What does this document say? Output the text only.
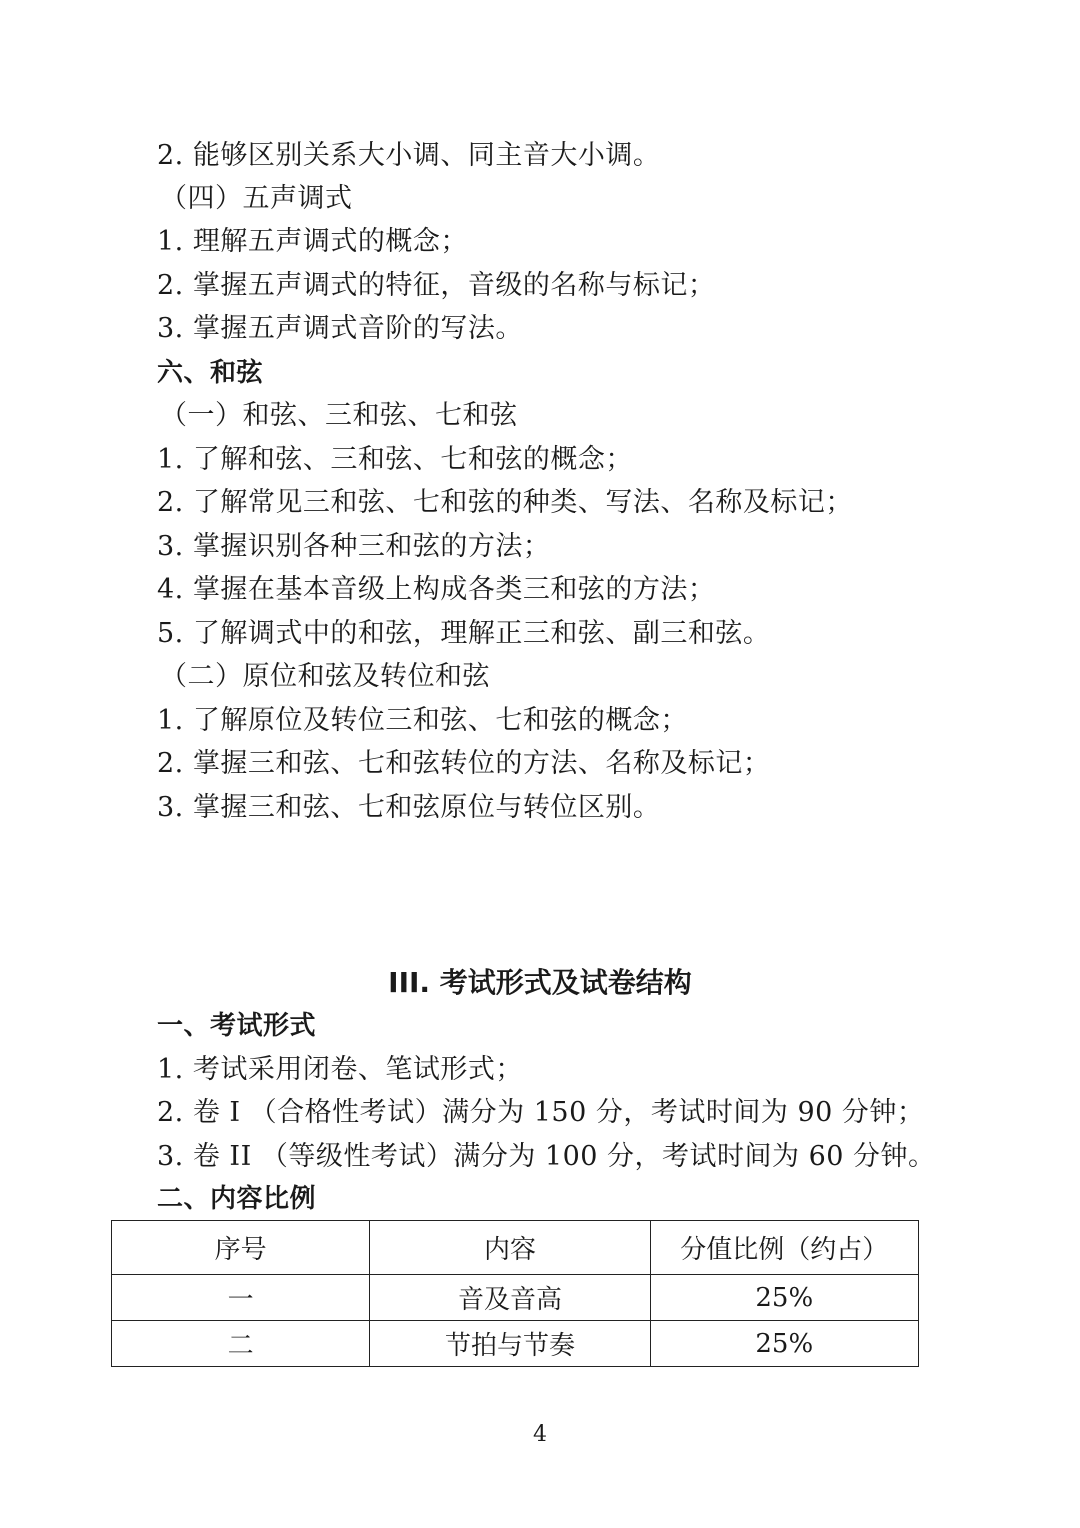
2. 能够区别关系大小调、同主音大小调。
（四）五声调式
1. 理解五声调式的概念；
2. 掌握五声调式的特征，音级的名称与标记；
3. 掌握五声调式音阶的写法。
六、和弦
（一）和弦、三和弦、七和弦
1. 了解和弦、三和弦、七和弦的概念；
2. 了解常见三和弦、七和弦的种类、写法、名称及标记；
3. 掌握识别各种三和弦的方法；
4. 掌握在基本音级上构成各类三和弦的方法；
5. 了解调式中的和弦，理解正三和弦、副三和弦。
（二）原位和弦及转位和弦
1. 了解原位及转位三和弦、七和弦的概念；
2. 掌握三和弦、七和弦转位的方法、名称及标记；
3. 掌握三和弦、七和弦原位与转位区别。
III. 考试形式及试卷结构
一、考试形式
1. 考试采用闭卷、笔试形式；
2. 卷 I （合格性考试）满分为 150 分，考试时间为 90 分钟；
3. 卷 II （等级性考试）满分为 100 分，考试时间为 60 分钟。
二、内容比例
序号	内容	分值比例（约占）
一	音及音高	25%
二	节拍与节奏	25%
4
